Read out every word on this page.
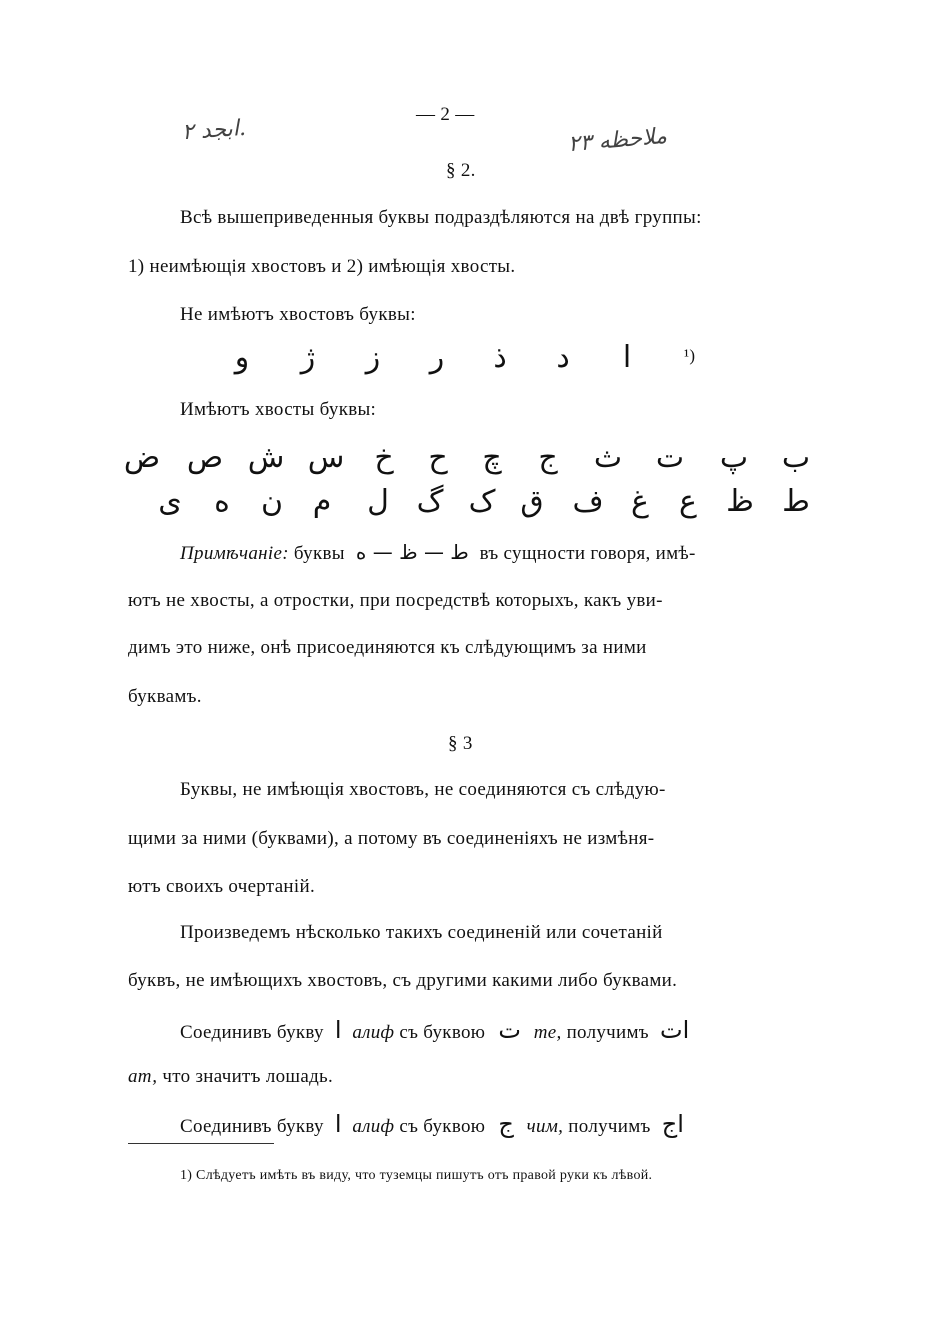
ابجد ۲.
— 2 —
ملاحظه ۲۳
§ 2.
Всѣ вышеприведенныя буквы подраздѣляются на двѣ группы:
1) неимѣющія хвостовъ и 2) имѣющія хвосты.
Не имѣютъ хвостовъ буквы:
و ژ ز ر ذ د ا	¹)
Имѣютъ хвосты буквы:
ض ص ش س خ ح چ ج ث ت پ ب
ی ه ن م ل گ ک ق ف غ ع ظ ط
Примѣчаніе: буквы ط — ظ — ه въ сущности говоря, имѣ-
ютъ не хвосты, а отростки, при посредствѣ которыхъ, какъ уви-
димъ это ниже, онѣ присоединяются къ слѣдующимъ за ними
буквамъ.
§ 3
Буквы, не имѣющія хвостовъ, не соединяются съ слѣдую-
щими за ними (буквами), а потому въ соединеніяхъ не измѣня-
ютъ своихъ очертаній.
Произведемъ нѣсколько такихъ соединеній или сочетаній
буквъ, не имѣющихъ хвостовъ, съ другими какими либо буквами.
Соединивъ букву ا алиф съ буквою ت те, получимъ ات
ат, что значитъ лошадь.
Соединивъ букву ا алиф съ буквою ج чим, получимъ اج
1) Слѣдуетъ имѣть въ виду, что туземцы пишутъ отъ правой руки къ лѣвой.
